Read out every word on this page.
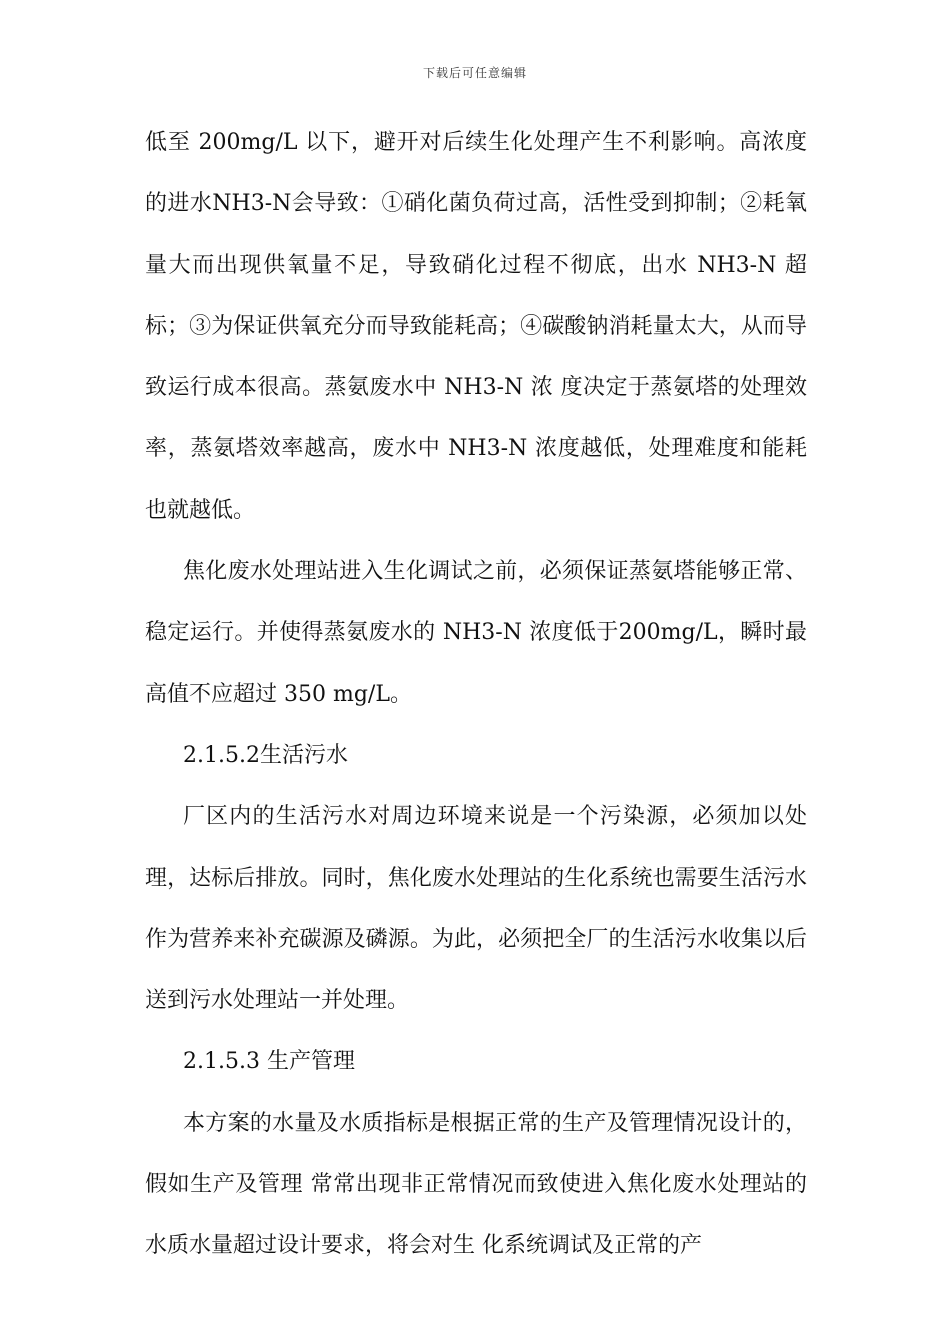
下载后可任意编辑

低至 200mg/L 以下，避开对后续生化处理产生不利影响。高浓度的进水NH3-N会导致：①硝化菌负荷过高，活性受到抑制；②耗氧量大而出现供氧量不足，导致硝化过程不彻底，出水 NH3-N 超标；③为保证供氧充分而导致能耗高；④碳酸钠消耗量太大，从而导致运行成本很高。蒸氨废水中 NH3-N 浓 度决定于蒸氨塔的处理效率，蒸氨塔效率越高，废水中 NH3-N 浓度越低，处理难度和能耗也就越低。

焦化废水处理站进入生化调试之前，必须保证蒸氨塔能够正常、 稳定运行。并使得蒸氨废水的 NH3-N 浓度低于200mg/L，瞬时最高值不应超过 350 mg/L。

2.1.5.2生活污水

厂区内的生活污水对周边环境来说是一个污染源，必须加以处理，达标后排放。同时，焦化废水处理站的生化系统也需要生活污水作为营养来补充碳源及磷源。为此，必须把全厂的生活污水收集以后送到污水处理站一并处理。

2.1.5.3 生产管理

本方案的水量及水质指标是根据正常的生产及管理情况设计的，假如生产及管理 常常出现非正常情况而致使进入焦化废水处理站的水质水量超过设计要求，将会对生 化系统调试及正常的产
